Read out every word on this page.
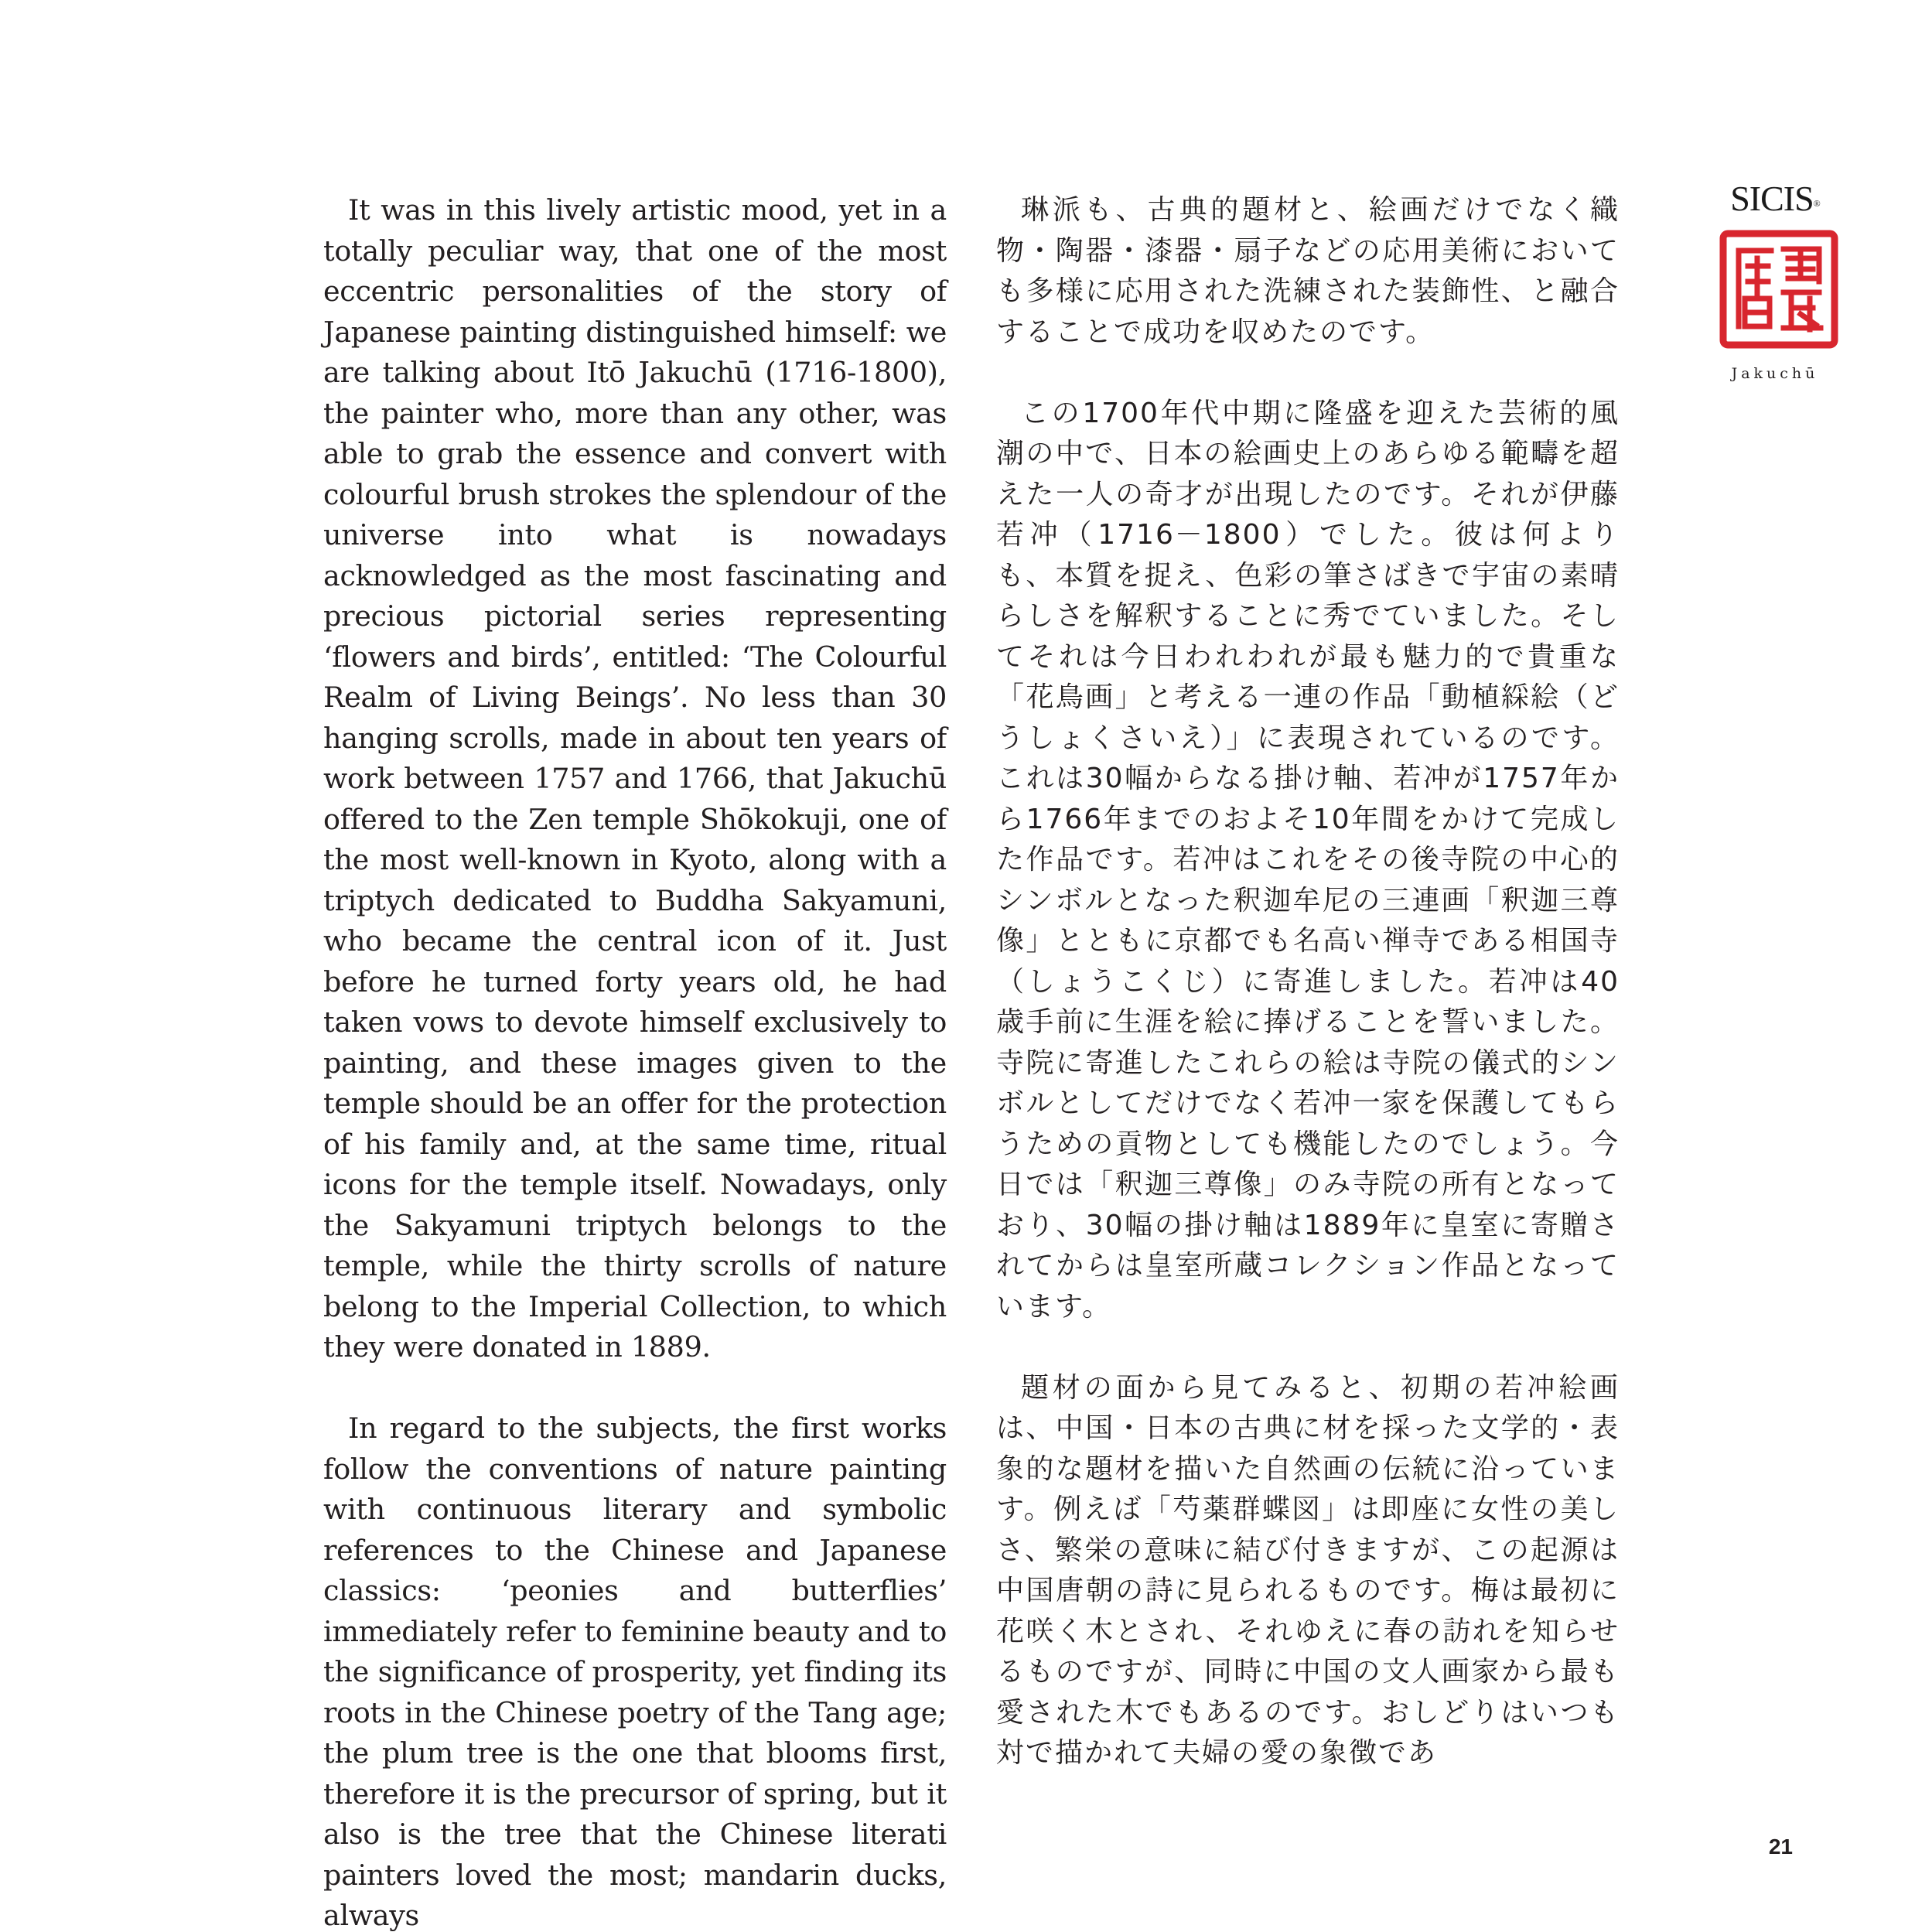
It was in this lively artistic mood, yet in a totally peculiar way, that one of the most eccentric personalities of the story of Japanese painting distinguished himself: we are talking about Itō Jakuchū (1716-1800), the painter who, more than any other, was able to grab the essence and convert with colourful brush strokes the splendour of the universe into what is nowadays acknowledged as the most fascinating and precious pictorial series representing ‘flowers and birds’, entitled: ‘The Colourful Realm of Living Beings’. No less than 30 hanging scrolls, made in about ten years of work between 1757 and 1766, that Jakuchū offered to the Zen temple Shōkokuji, one of the most well-known in Kyoto, along with a triptych dedicated to Buddha Sakyamuni, who became the central icon of it. Just before he turned forty years old, he had taken vows to devote himself exclusively to painting, and these images given to the temple should be an offer for the protection of his family and, at the same time, ritual icons for the temple itself. Nowadays, only the Sakyamuni triptych belongs to the temple, while the thirty scrolls of nature belong to the Imperial Collection, to which they were donated in 1889.

In regard to the subjects, the first works follow the conventions of nature painting with continuous literary and symbolic references to the Chinese and Japanese classics: ‘peonies and butterflies’ immediately refer to feminine beauty and to the significance of prosperity, yet finding its roots in the Chinese poetry of the Tang age; the plum tree is the one that blooms first, therefore it is the precursor of spring, but it also is the tree that the Chinese literati painters loved the most; mandarin ducks, always

琳派も、古典的題材と、絵画だけでなく織物・陶器・漆器・扇子などの応用美術においても多様に応用された洗練された装飾性、と融合することで成功を収めたのです。

この1700年代中期に隆盛を迎えた芸術的風潮の中で、日本の絵画史上のあらゆる範疇を超えた一人の奇才が出現したのです。それが伊藤若冲（1716－1800）でした。彼は何よりも、本質を捉え、色彩の筆さばきで宇宙の素晴らしさを解釈することに秀でていました。そしてそれは今日われわれが最も魅力的で貴重な「花鳥画」と考える一連の作品「動植綵絵（どうしょくさいえ）」に表現されているのです。これは30幅からなる掛け軸、若冲が1757年から1766年までのおよそ10年間をかけて完成した作品です。若冲はこれをその後寺院の中心的シンボルとなった釈迦牟尼の三連画「釈迦三尊像」とともに京都でも名高い禅寺である相国寺（しょうこくじ）に寄進しました。若冲は40歳手前に生涯を絵に捧げることを誓いました。寺院に寄進したこれらの絵は寺院の儀式的シンボルとしてだけでなく若冲一家を保護してもらうための貢物としても機能したのでしょう。今日では「釈迦三尊像」のみ寺院の所有となっており、30幅の掛け軸は1889年に皇室に寄贈されてからは皇室所蔵コレクション作品となっています。

題材の面から見てみると、初期の若冲絵画は、中国・日本の古典に材を採った文学的・表象的な題材を描いた自然画の伝統に沿っています。例えば「芍薬群蝶図」は即座に女性の美しさ、繁栄の意味に結び付きますが、この起源は中国唐朝の詩に見られるものです。梅は最初に花咲く木とされ、それゆえに春の訪れを知らせるものですが、同時に中国の文人画家から最も愛された木でもあるのです。おしどりはいつも対で描かれて夫婦の愛の象徴であ

SICIS®
Jakuchū
21
